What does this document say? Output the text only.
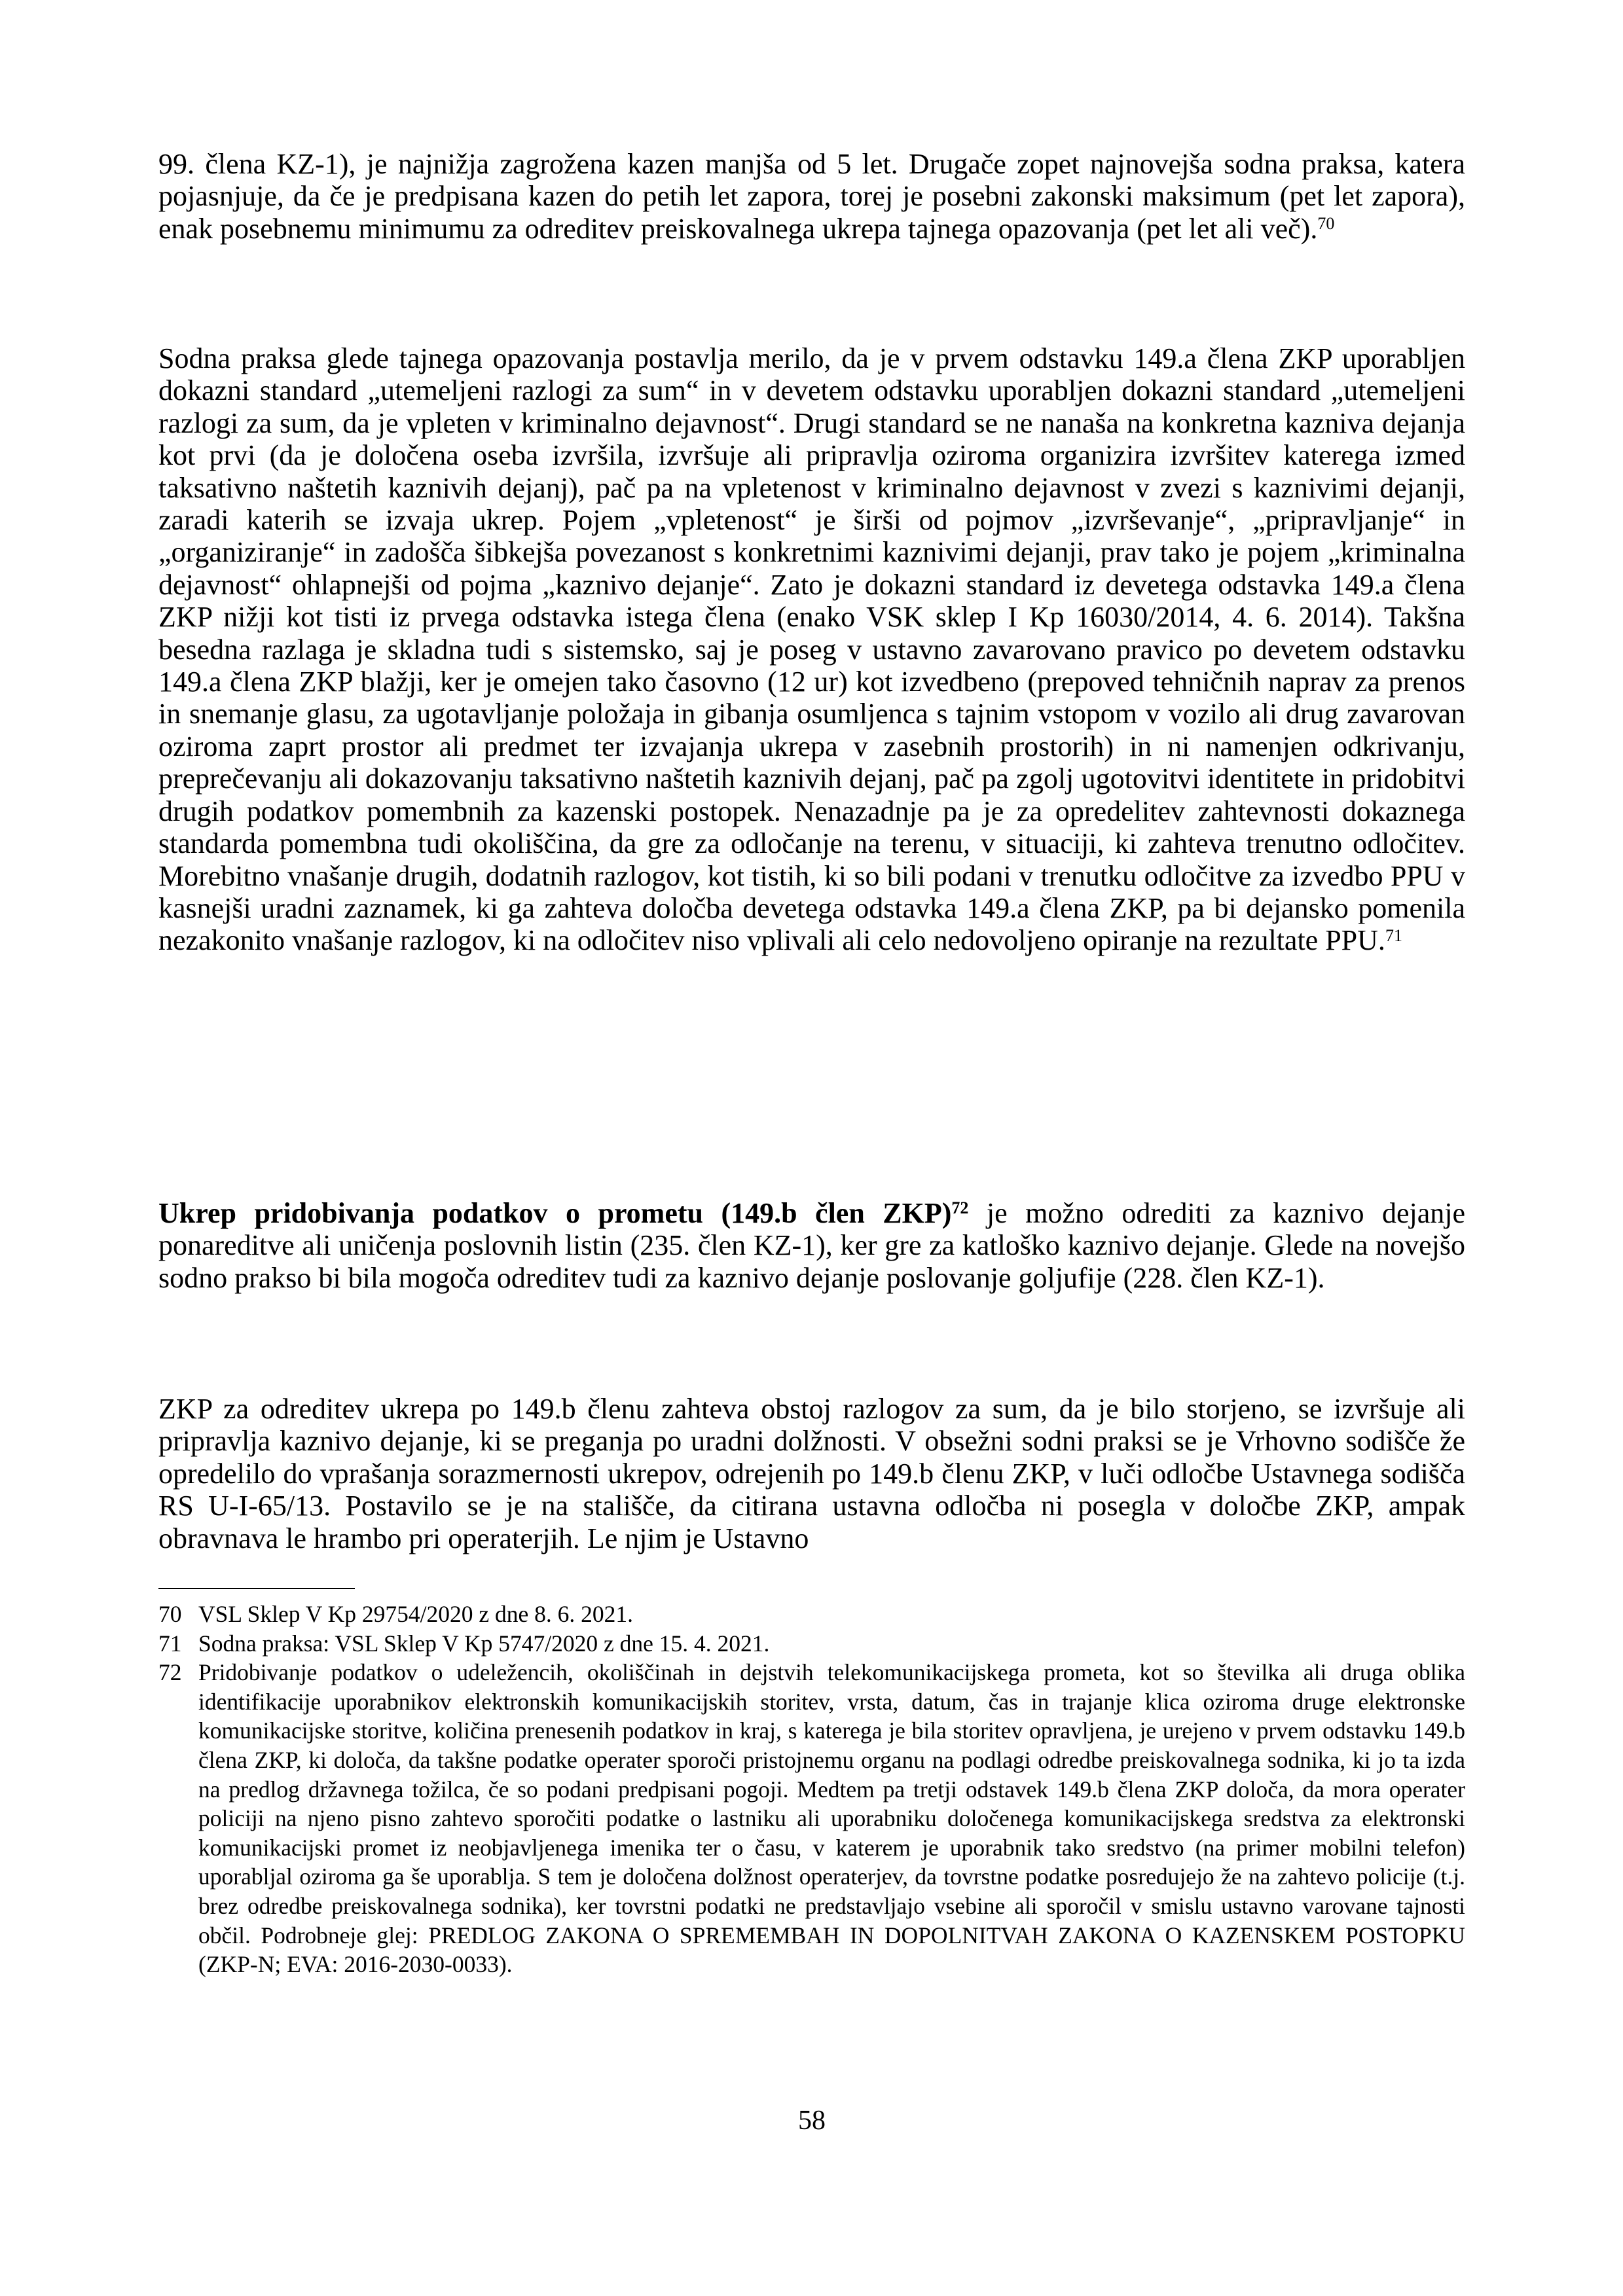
99. člena KZ-1), je najnižja zagrožena kazen manjša od 5 let. Drugače zopet najnovejša sodna praksa, katera pojasnjuje, da če je predpisana kazen do petih let zapora, torej je posebni zakonski maksimum (pet let zapora), enak posebnemu minimumu za odreditev preiskovalnega ukrepa tajnega opazovanja (pet let ali več).$^{70}$

Sodna praksa glede tajnega opazovanja postavlja merilo, da je v prvem odstavku 149.a člena ZKP uporabljen dokazni standard „utemeljeni razlogi za sum“ in v devetem odstavku uporabljen dokazni standard „utemeljeni razlogi za sum, da je vpleten v kriminalno dejavnost“. Drugi standard se ne nanaša na konkretna kazniva dejanja kot prvi (da je določena oseba izvršila, izvršuje ali pripravlja oziroma organizira izvršitev katerega izmed taksativno naštetih kaznivih dejanj), pač pa na vpletenost v kriminalno dejavnost v zvezi s kaznivimi dejanji, zaradi katerih se izvaja ukrep. Pojem „vpletenost“ je širši od pojmov „izvrševanje“, „pripravljanje“ in „organiziranje“ in zadošča šibkejša povezanost s konkretnimi kaznivimi dejanji, prav tako je pojem „kriminalna dejavnost“ ohlapnejši od pojma „kaznivo dejanje“. Zato je dokazni standard iz devetega odstavka 149.a člena ZKP nižji kot tisti iz prvega odstavka istega člena (enako VSK sklep I Kp 16030/2014, 4. 6. 2014). Takšna besedna razlaga je skladna tudi s sistemsko, saj je poseg v ustavno zavarovano pravico po devetem odstavku 149.a člena ZKP blažji, ker je omejen tako časovno (12 ur) kot izvedbeno (prepoved tehničnih naprav za prenos in snemanje glasu, za ugotavljanje položaja in gibanja osumljenca s tajnim vstopom v vozilo ali drug zavarovan oziroma zaprt prostor ali predmet ter izvajanja ukrepa v zasebnih prostorih) in ni namenjen odkrivanju, preprečevanju ali dokazovanju taksativno naštetih kaznivih dejanj, pač pa zgolj ugotovitvi identitete in pridobitvi drugih podatkov pomembnih za kazenski postopek. Nenazadnje pa je za opredelitev zahtevnosti dokaznega standarda pomembna tudi okoliščina, da gre za odločanje na terenu, v situaciji, ki zahteva trenutno odločitev. Morebitno vnašanje drugih, dodatnih razlogov, kot tistih, ki so bili podani v trenutku odločitve za izvedbo PPU v kasnejši uradni zaznamek, ki ga zahteva določba devetega odstavka 149.a člena ZKP, pa bi dejansko pomenila nezakonito vnašanje razlogov, ki na odločitev niso vplivali ali celo nedovoljeno opiranje na rezultate PPU.$^{71}$

Ukrep pridobivanja podatkov o prometu (149.b člen ZKP)$^{72}$ je možno odrediti za kaznivo dejanje ponareditve ali uničenja poslovnih listin (235. člen KZ-1), ker gre za katloško kaznivo dejanje. Glede na novejšo sodno prakso bi bila mogoča odreditev tudi za kaznivo dejanje poslovanje goljufije (228. člen KZ-1).

ZKP za odreditev ukrepa po 149.b členu zahteva obstoj razlogov za sum, da je bilo storjeno, se izvršuje ali pripravlja kaznivo dejanje, ki se preganja po uradni dolžnosti. V obsežni sodni praksi se je Vrhovno sodišče že opredelilo do vprašanja sorazmernosti ukrepov, odrejenih po 149.b členu ZKP, v luči odločbe Ustavnega sodišča RS U-I-65/13. Postavilo se je na stališče, da citirana ustavna odločba ni posegla v določbe ZKP, ampak obravnava le hrambo pri operaterjih. Le njim je Ustavno

70 VSL Sklep V Kp 29754/2020 z dne 8. 6. 2021.

71 Sodna praksa: VSL Sklep V Kp 5747/2020 z dne 15. 4. 2021.

72 Pridobivanje podatkov o udeležencih, okoliščinah in dejstvih telekomunikacijskega prometa, kot so številka ali druga oblika identifikacije uporabnikov elektronskih komunikacijskih storitev, vrsta, datum, čas in trajanje klica oziroma druge elektronske komunikacijske storitve, količina prenesenih podatkov in kraj, s katerega je bila storitev opravljena, je urejeno v prvem odstavku 149.b člena ZKP, ki določa, da takšne podatke operater sporoči pristojnemu organu na podlagi odredbe preiskovalnega sodnika, ki jo ta izda na predlog državnega tožilca, če so podani predpisani pogoji. Medtem pa tretji odstavek 149.b člena ZKP določa, da mora operater policiji na njeno pisno zahtevo sporočiti podatke o lastniku ali uporabniku določenega komunikacijskega sredstva za elektronski komunikacijski promet iz neobjavljenega imenika ter o času, v katerem je uporabnik tako sredstvo (na primer mobilni telefon) uporabljal oziroma ga še uporablja. S tem je določena dolžnost operaterjev, da tovrstne podatke posredujejo že na zahtevo policije (t.j. brez odredbe preiskovalnega sodnika), ker tovrstni podatki ne predstavljajo vsebine ali sporočil v smislu ustavno varovane tajnosti občil. Podrobneje glej: PREDLOG ZAKONA O SPREMEMBAH IN DOPOLNITVAH ZAKONA O KAZENSKEM POSTOPKU (ZKP-N; EVA: 2016-2030-0033).

58
